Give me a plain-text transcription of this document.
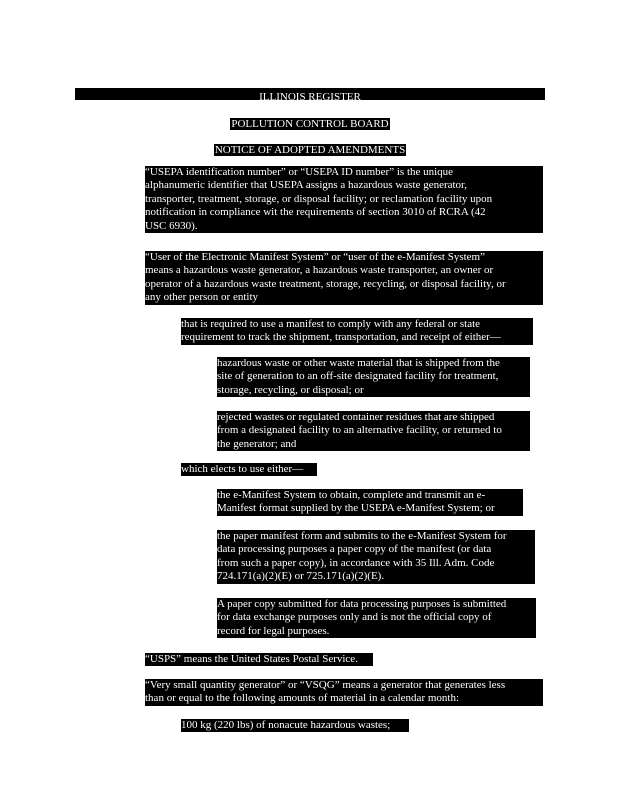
ILLINOIS REGISTER
POLLUTION CONTROL BOARD
NOTICE OF ADOPTED AMENDMENTS
“USEPA identification number” or “USEPA ID number” is the unique
alphanumeric identifier that USEPA assigns a hazardous waste generator,
transporter, treatment, storage, or disposal facility; or reclamation facility upon
notification in compliance wit the requirements of section 3010 of RCRA (42
USC 6930).
“User of the Electronic Manifest System” or “user of the e-Manifest System”
means a hazardous waste generator, a hazardous waste transporter, an owner or
operator of a hazardous waste treatment, storage, recycling, or disposal facility, or
any other person or entity
that is required to use a manifest to comply with any federal or state
requirement to track the shipment, transportation, and receipt of either—
hazardous waste or other waste material that is shipped from the
site of generation to an off-site designated facility for treatment,
storage, recycling, or disposal; or
rejected wastes or regulated container residues that are shipped
from a designated facility to an alternative facility, or returned to
the generator; and
which elects to use either—
the e-Manifest System to obtain, complete and transmit an e-
Manifest format supplied by the USEPA e-Manifest System; or
the paper manifest form and submits to the e-Manifest System for
data processing purposes a paper copy of the manifest (or data
from such a paper copy), in accordance with 35 Ill. Adm. Code
724.171(a)(2)(E) or 725.171(a)(2)(E).
A paper copy submitted for data processing purposes is submitted
for data exchange purposes only and is not the official copy of
record for legal purposes.
“USPS” means the United States Postal Service.
“Very small quantity generator” or “VSQG” means a generator that generates less
than or equal to the following amounts of material in a calendar month:
100 kg (220 lbs) of nonacute hazardous wastes;
